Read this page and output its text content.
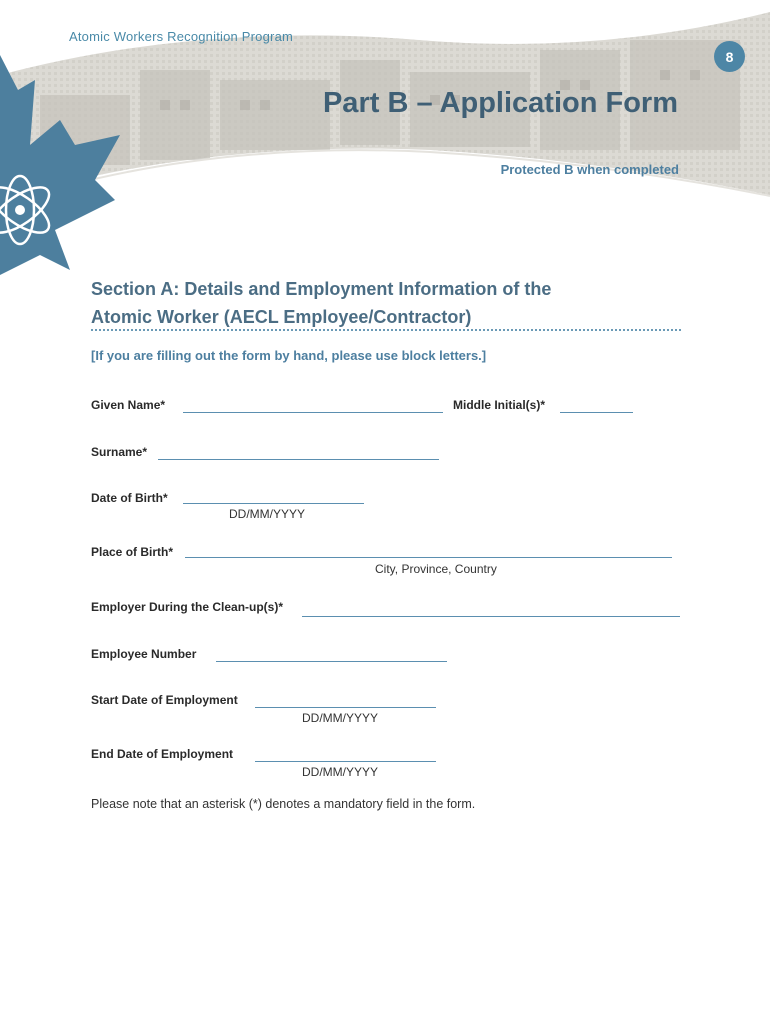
Atomic Workers Recognition Program
8
Part B – Application Form
Protected B when completed
Section A: Details and Employment Information of the
Atomic Worker (AECL Employee/Contractor)
[If you are filling out the form by hand, please use block letters.]
Given Name*	Middle Initial(s)*
Surname*
Date of Birth*
DD/MM/YYYY
Place of Birth*
City, Province, Country
Employer During the Clean-up(s)*
Employee Number
Start Date of Employment
DD/MM/YYYY
End Date of Employment
DD/MM/YYYY
Please note that an asterisk (*) denotes a mandatory field in the form.
